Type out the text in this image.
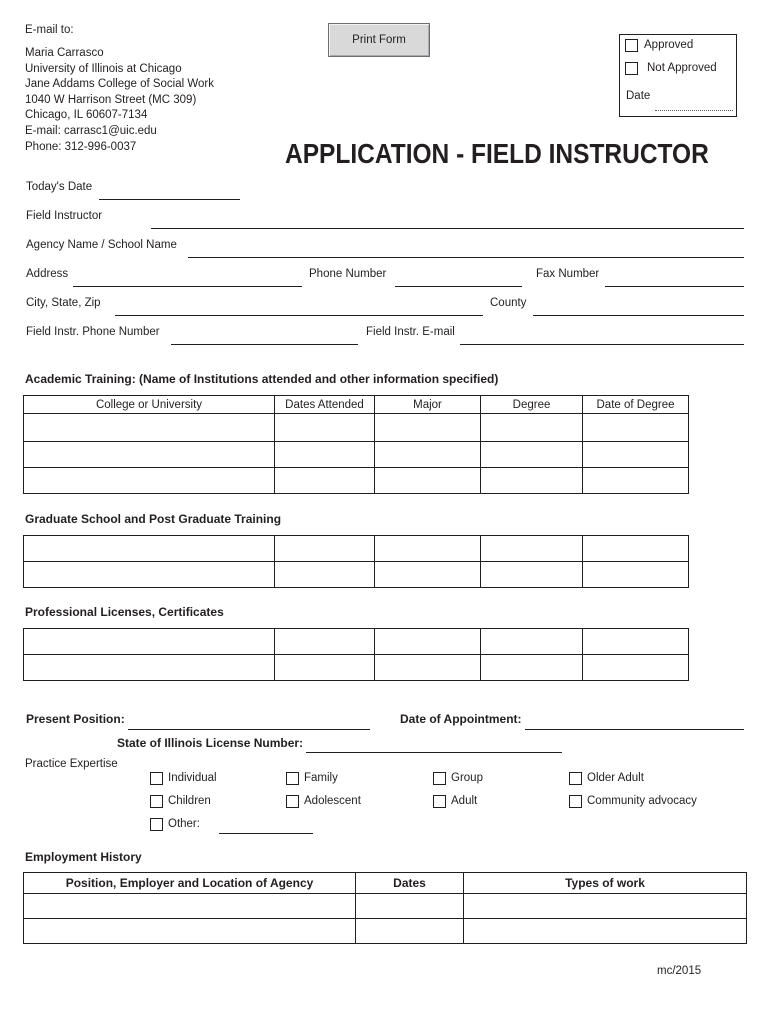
E-mail to:
Maria Carrasco
University of Illinois at Chicago
Jane Addams College of Social Work
1040 W Harrison Street (MC 309)
Chicago, IL 60607-7134
E-mail: carrasc1@uic.edu
Phone: 312-996-0037
Print Form	Approved
Not Approved
Date
APPLICATION - FIELD INSTRUCTOR
Today's Date
Field Instructor
Agency Name / School Name
Address	Phone Number	Fax Number
City, State, Zip	County
Field Instr. Phone Number	Field Instr. E-mail
Academic Training: (Name of Institutions attended and other information specified)
College or University	Dates Attended	Major	Degree	Date of Degree

Graduate School and Post Graduate Training

Professional Licenses, Certificates

Present Position:	Date of Appointment:
State of Illinois License Number:
Practice Expertise
Individual	Family	Group	Older Adult
Children	Adolescent	Adult	Community advocacy
Other:
Employment History
Position, Employer and Location of Agency	Dates	Types of work

mc/2015
